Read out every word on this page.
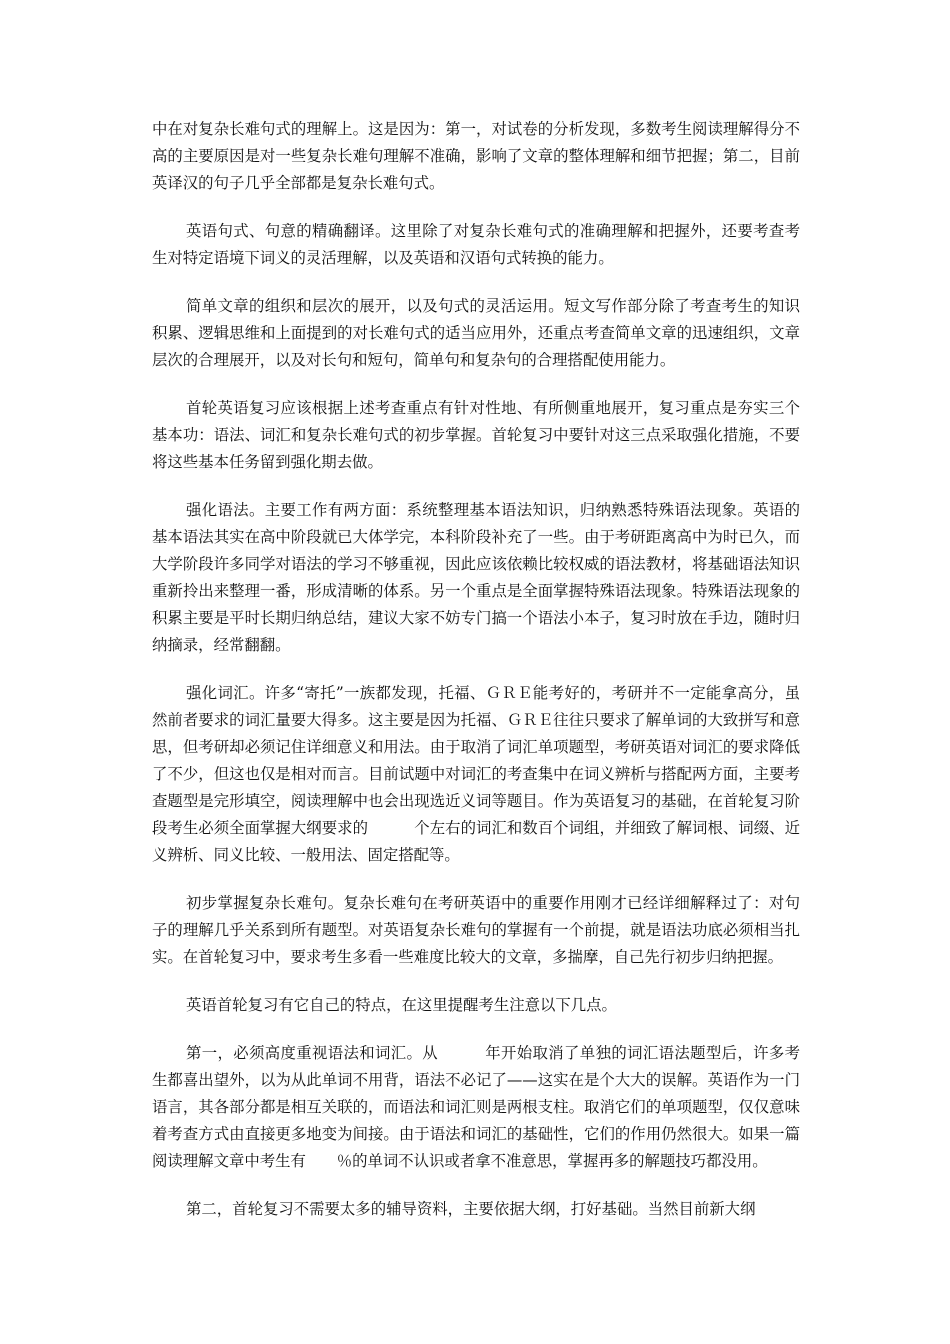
中在对复杂长难句式的理解上。这是因为：第一，对试卷的分析发现，多数考生阅读理解得分不高的主要原因是对一些复杂长难句理解不准确，影响了文章的整体理解和细节把握；第二，目前英译汉的句子几乎全部都是复杂长难句式。

英语句式、句意的精确翻译。这里除了对复杂长难句式的准确理解和把握外，还要考查考生对特定语境下词义的灵活理解，以及英语和汉语句式转换的能力。

简单文章的组织和层次的展开，以及句式的灵活运用。短文写作部分除了考查考生的知识积累、逻辑思维和上面提到的对长难句式的适当应用外，还重点考查简单文章的迅速组织，文章层次的合理展开，以及对长句和短句，简单句和复杂句的合理搭配使用能力。

首轮英语复习应该根据上述考查重点有针对性地、有所侧重地展开，复习重点是夯实三个基本功：语法、词汇和复杂长难句式的初步掌握。首轮复习中要针对这三点采取强化措施，不要将这些基本任务留到强化期去做。

强化语法。主要工作有两方面：系统整理基本语法知识，归纳熟悉特殊语法现象。英语的基本语法其实在高中阶段就已大体学完，本科阶段补充了一些。由于考研距离高中为时已久，而大学阶段许多同学对语法的学习不够重视，因此应该依赖比较权威的语法教材，将基础语法知识重新拎出来整理一番，形成清晰的体系。另一个重点是全面掌握特殊语法现象。特殊语法现象的积累主要是平时长期归纳总结，建议大家不妨专门搞一个语法小本子，复习时放在手边，随时归纳摘录，经常翻翻。

强化词汇。许多“寄托”一族都发现，托福、ＧＲＥ能考好的，考研并不一定能拿高分，虽然前者要求的词汇量要大得多。这主要是因为托福、ＧＲＥ往往只要求了解单词的大致拼写和意思，但考研却必须记住详细意义和用法。由于取消了词汇单项题型，考研英语对词汇的要求降低了不少，但这也仅是相对而言。目前试题中对词汇的考查集中在词义辨析与搭配两方面，主要考查题型是完形填空，阅读理解中也会出现选近义词等题目。作为英语复习的基础，在首轮复习阶段考生必须全面掌握大纲要求的　　　个左右的词汇和数百个词组，并细致了解词根、词缀、近义辨析、同义比较、一般用法、固定搭配等。

初步掌握复杂长难句。复杂长难句在考研英语中的重要作用刚才已经详细解释过了：对句子的理解几乎关系到所有题型。对英语复杂长难句的掌握有一个前提，就是语法功底必须相当扎实。在首轮复习中，要求考生多看一些难度比较大的文章，多揣摩，自己先行初步归纳把握。

英语首轮复习有它自己的特点，在这里提醒考生注意以下几点。

第一，必须高度重视语法和词汇。从　　　年开始取消了单独的词汇语法题型后，许多考生都喜出望外，以为从此单词不用背，语法不必记了——这实在是个大大的误解。英语作为一门语言，其各部分都是相互关联的，而语法和词汇则是两根支柱。取消它们的单项题型，仅仅意味着考查方式由直接更多地变为间接。由于语法和词汇的基础性，它们的作用仍然很大。如果一篇阅读理解文章中考生有　　％的单词不认识或者拿不准意思，掌握再多的解题技巧都没用。

第二，首轮复习不需要太多的辅导资料，主要依据大纲，打好基础。当然目前新大纲
